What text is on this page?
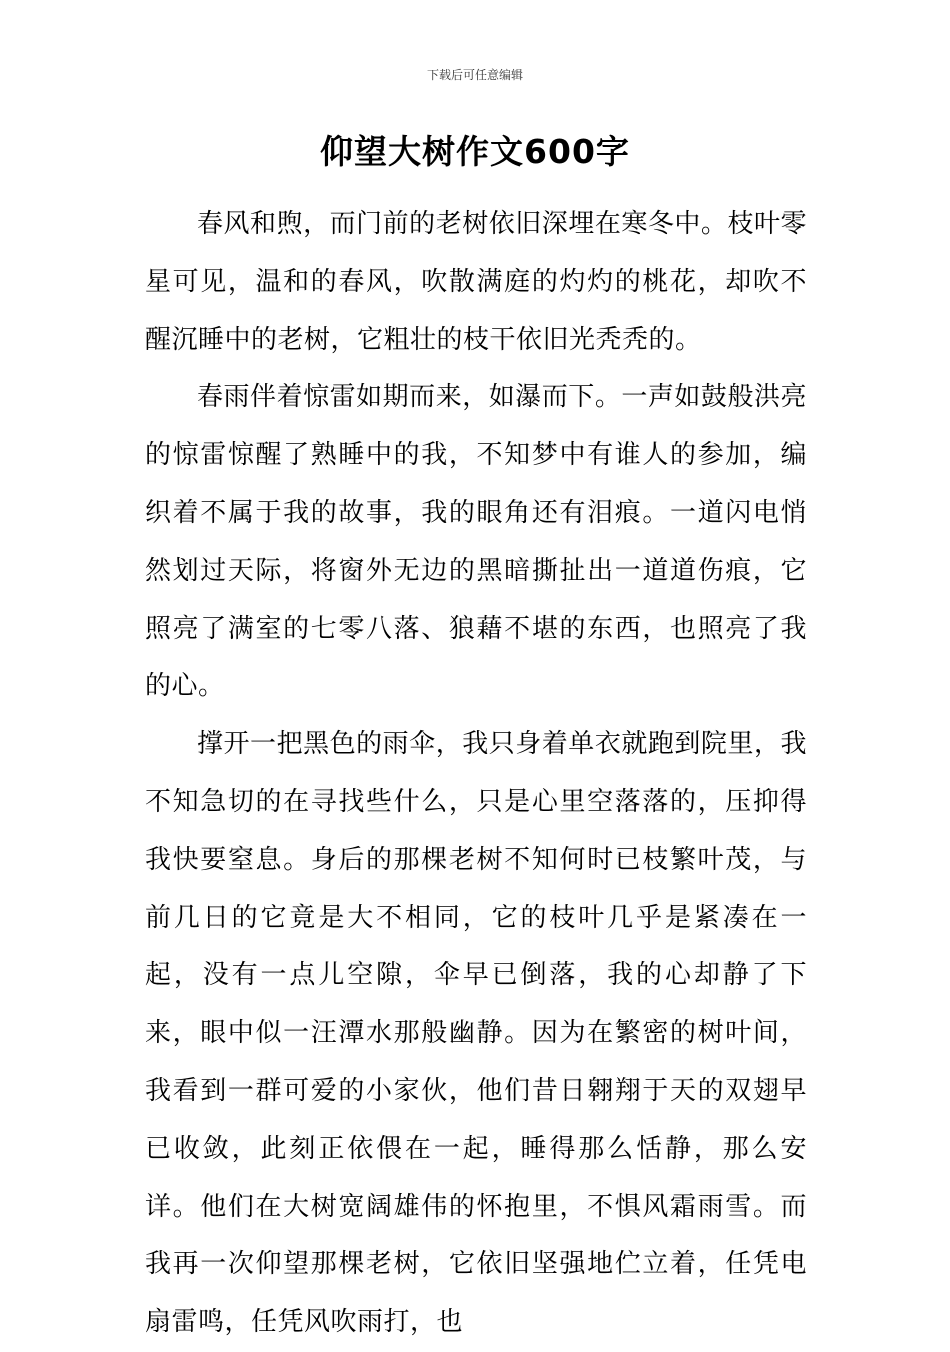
下载后可任意编辑
仰望大树作文600字

春风和煦，而门前的老树依旧深埋在寒冬中。枝叶零星可见，温和的春风，吹散满庭的灼灼的桃花，却吹不醒沉睡中的老树，它粗壮的枝干依旧光秃秃的。

春雨伴着惊雷如期而来，如瀑而下。一声如鼓般洪亮的惊雷惊醒了熟睡中的我，不知梦中有谁人的参加，编织着不属于我的故事，我的眼角还有泪痕。一道闪电悄然划过天际，将窗外无边的黑暗撕扯出一道道伤痕，它照亮了满室的七零八落、狼藉不堪的东西，也照亮了我的心。

撑开一把黑色的雨伞，我只身着单衣就跑到院里，我不知急切的在寻找些什么，只是心里空落落的，压抑得我快要窒息。身后的那棵老树不知何时已枝繁叶茂，与前几日的它竟是大不相同，它的枝叶几乎是紧凑在一起，没有一点儿空隙，伞早已倒落，我的心却静了下来，眼中似一汪潭水那般幽静。因为在繁密的树叶间，我看到一群可爱的小家伙，他们昔日翱翔于天的双翅早已收敛，此刻正依偎在一起，睡得那么恬静，那么安详。他们在大树宽阔雄伟的怀抱里，不惧风霜雨雪。而我再一次仰望那棵老树，它依旧坚强地伫立着，任凭电扇雷鸣，任凭风吹雨打，也
